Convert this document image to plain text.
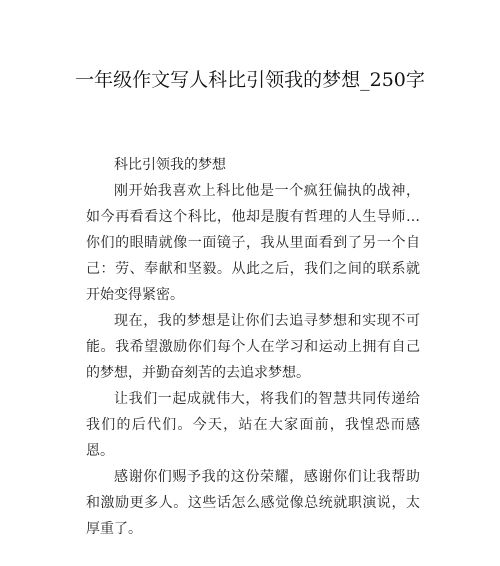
一年级作文写人科比引领我的梦想_250字

科比引领我的梦想

刚开始我喜欢上科比他是一个疯狂偏执的战神，如今再看看这个科比，他却是腹有哲理的人生导师…你们的眼睛就像一面镜子，我从里面看到了另一个自己：劳、奉献和坚毅。从此之后，我们之间的联系就开始变得紧密。

现在，我的梦想是让你们去追寻梦想和实现不可能。我希望激励你们每个人在学习和运动上拥有自己的梦想，并勤奋刻苦的去追求梦想。

让我们一起成就伟大，将我们的智慧共同传递给我们的后代们。今天，站在大家面前，我惶恐而感恩。

感谢你们赐予我的这份荣耀，感谢你们让我帮助和激励更多人。这些话怎么感觉像总统就职演说，太厚重了。
